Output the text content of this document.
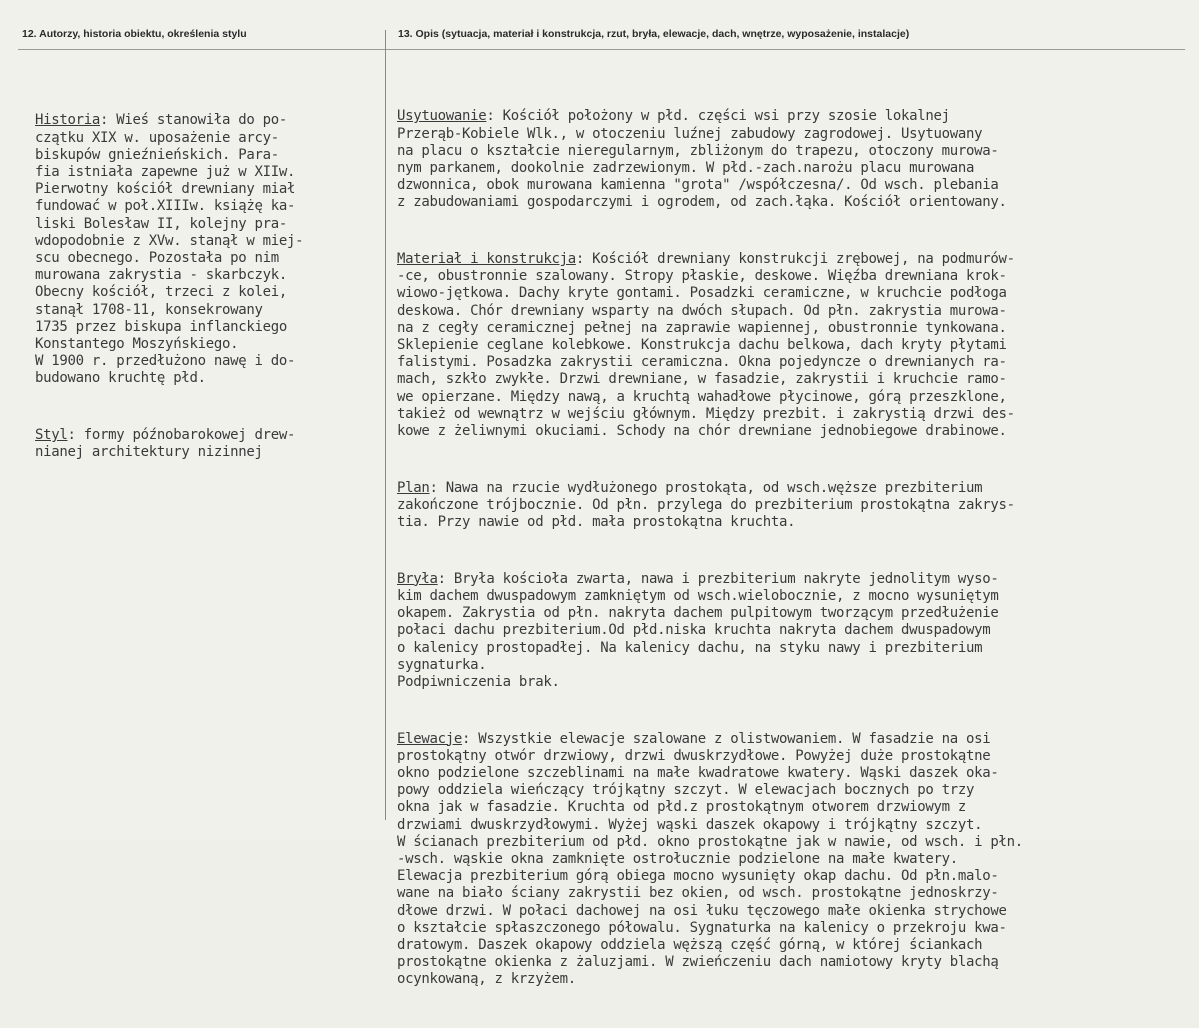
12. Autorzy, historia obiektu, określenia stylu	13. Opis (sytuacja, materiał i konstrukcja, rzut, bryła, elewacje, dach, wnętrze, wyposażenie, instalacje)

Historia: Wieś stanowiła do po-
czątku XIX w. uposażenie arcy-
biskupów gnieźnieńskich. Para-
fia istniała zapewne już w XIIw.
Pierwotny kościół drewniany miał
fundować w poł.XIIIw. książę ka-
liski Bolesław II, kolejny pra-
wdopodobnie z XVw. stanął w miej-
scu obecnego. Pozostała po nim
murowana zakrystia - skarbczyk.
Obecny kościół, trzeci z kolei,
stanął 1708-11, konsekrowany
1735 przez biskupa inflanckiego
Konstantego Moszyńskiego.
W 1900 r. przedłużono nawę i do-
budowano kruchtę płd.

Styl: formy późnobarokowej drew-
nianej architektury nizinnej

Usytuowanie: Kościół położony w płd. części wsi przy szosie lokalnej
Przerąb-Kobiele Wlk., w otoczeniu luźnej zabudowy zagrodowej. Usytuowany
na placu o kształcie nieregularnym, zbliżonym do trapezu, otoczony murowa-
nym parkanem, dookolnie zadrzewionym. W płd.-zach.narożu placu murowana
dzwonnica, obok murowana kamienna "grota" /współczesna/. Od wsch. plebania
z zabudowaniami gospodarczymi i ogrodem, od zach.łąka. Kościół orientowany.

Materiał i konstrukcja: Kościół drewniany konstrukcji zrębowej, na podmurów-
-ce, obustronnie szalowany. Stropy płaskie, deskowe. Więźba drewniana krok-
wiowo-jętkowa. Dachy kryte gontami. Posadzki ceramiczne, w kruchcie podłoga
deskowa. Chór drewniany wsparty na dwóch słupach. Od płn. zakrystia murowa-
na z cegły ceramicznej pełnej na zaprawie wapiennej, obustronnie tynkowana.
Sklepienie ceglane kolebkowe. Konstrukcja dachu belkowa, dach kryty płytami
falistymi. Posadzka zakrystii ceramiczna. Okna pojedyncze o drewnianych ra-
mach, szkło zwykłe. Drzwi drewniane, w fasadzie, zakrystii i kruchcie ramo-
we opierzane. Między nawą, a kruchtą wahadłowe płycinowe, górą przeszklone,
takież od wewnątrz w wejściu głównym. Między prezbit. i zakrystią drzwi des-
kowe z żeliwnymi okuciami. Schody na chór drewniane jednobiegowe drabinowe.

Plan: Nawa na rzucie wydłużonego prostokąta, od wsch.węższe prezbiterium
zakończone trójbocznie. Od płn. przylega do prezbiterium prostokątna zakrys-
tia. Przy nawie od płd. mała prostokątna kruchta.

Bryła: Bryła kościoła zwarta, nawa i prezbiterium nakryte jednolitym wyso-
kim dachem dwuspadowym zamkniętym od wsch.wielobocznie, z mocno wysuniętym
okapem. Zakrystia od płn. nakryta dachem pulpitowym tworzącym przedłużenie
połaci dachu prezbiterium.Od płd.niska kruchta nakryta dachem dwuspadowym
o kalenicy prostopadłej. Na kalenicy dachu, na styku nawy i prezbiterium
sygnaturka.
Podpiwniczenia brak.

Elewacje: Wszystkie elewacje szalowane z olistwowaniem. W fasadzie na osi
prostokątny otwór drzwiowy, drzwi dwuskrzydłowe. Powyżej duże prostokątne
okno podzielone szczeblinami na małe kwadratowe kwatery. Wąski daszek oka-
powy oddziela wieńczący trójkątny szczyt. W elewacjach bocznych po trzy
okna jak w fasadzie. Kruchta od płd.z prostokątnym otworem drzwiowym z
drzwiami dwuskrzydłowymi. Wyżej wąski daszek okapowy i trójkątny szczyt.
W ścianach prezbiterium od płd. okno prostokątne jak w nawie, od wsch. i płn.
-wsch. wąskie okna zamknięte ostrołucznie podzielone na małe kwatery.
Elewacja prezbiterium górą obiega mocno wysunięty okap dachu. Od płn.malo-
wane na biało ściany zakrystii bez okien, od wsch. prostokątne jednoskrzy-
dłowe drzwi. W połaci dachowej na osi łuku tęczowego małe okienka strychowe
o kształcie spłaszczonego półowalu. Sygnaturka na kalenicy o przekroju kwa-
dratowym. Daszek okapowy oddziela węższą część górną, w której ściankach
prostokątne okienka z żaluzjami. W zwieńczeniu dach namiotowy kryty blachą
ocynkowaną, z krzyżem.
